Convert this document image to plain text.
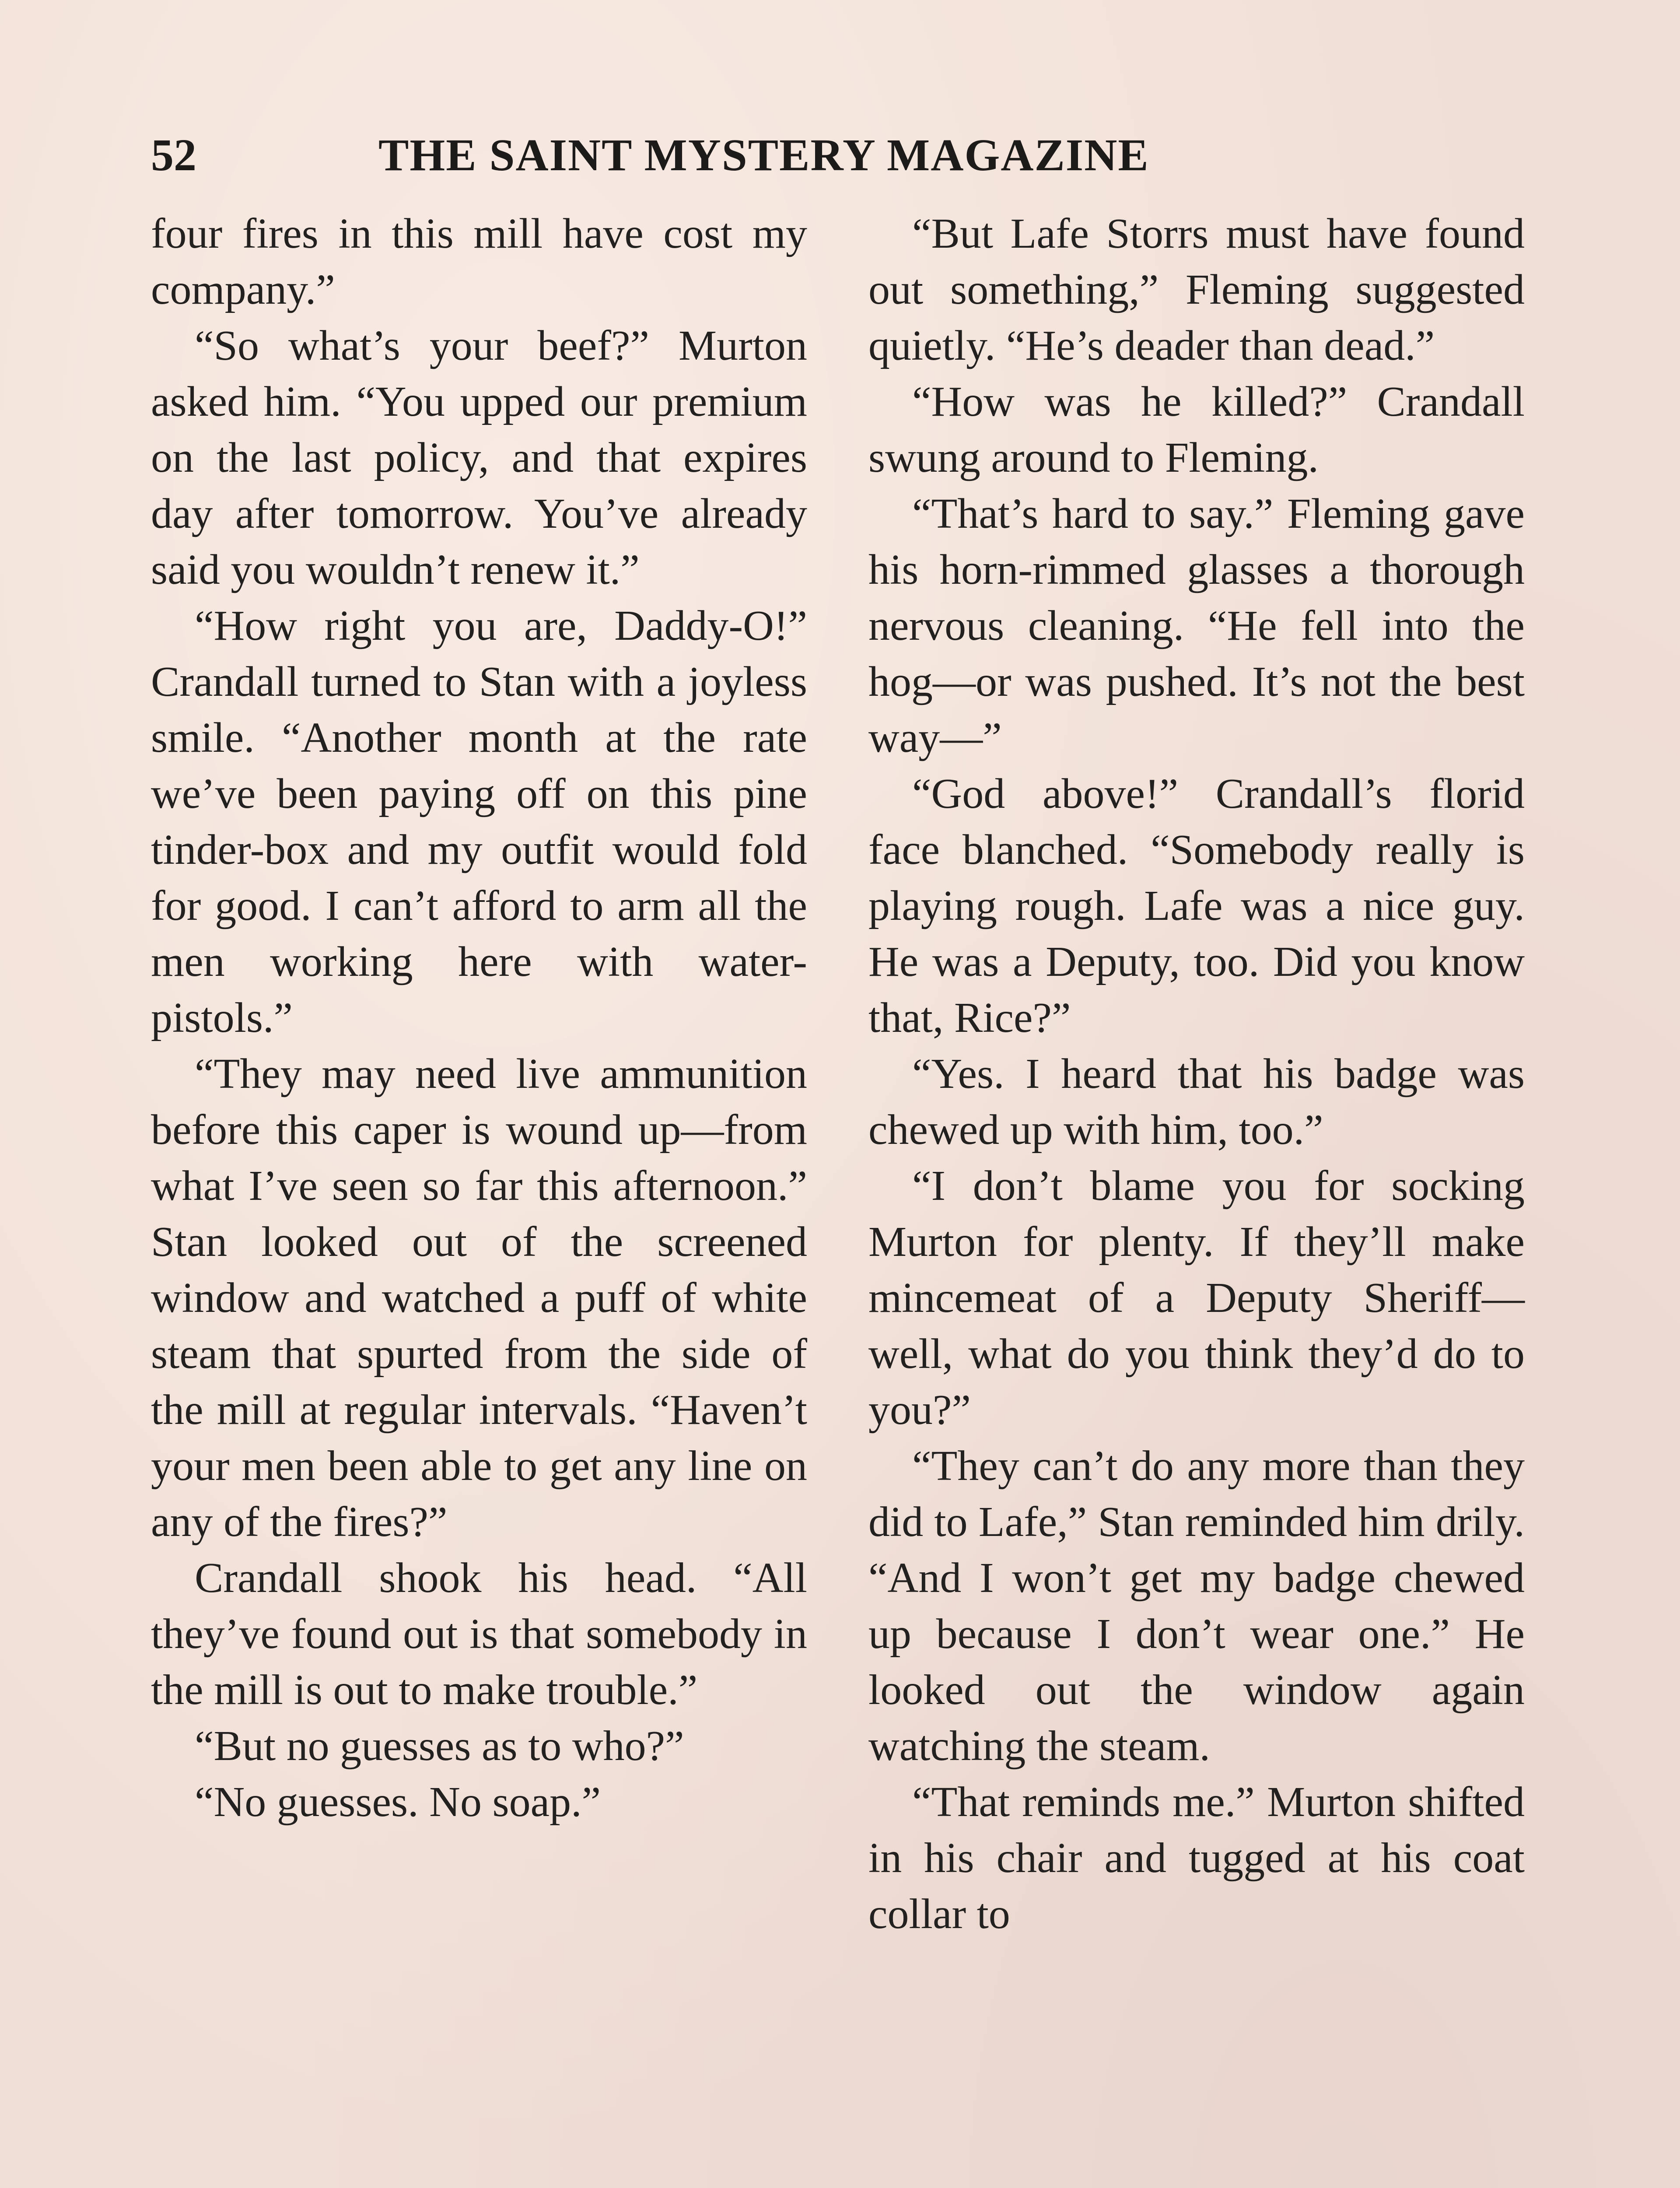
52	THE SAINT MYSTERY MAGAZINE

four fires in this mill have cost my company.”

“So what’s your beef?” Murton asked him. “You upped our premium on the last policy, and that expires day after tomorrow. You’ve already said you wouldn’t renew it.”

“How right you are, Daddy-O!” Crandall turned to Stan with a joyless smile. “Another month at the rate we’ve been paying off on this pine tinder-box and my outfit would fold for good. I can’t afford to arm all the men working here with water-pistols.”

“They may need live ammunition before this caper is wound up—from what I’ve seen so far this afternoon.” Stan looked out of the screened window and watched a puff of white steam that spurted from the side of the mill at regular intervals. “Haven’t your men been able to get any line on any of the fires?”

Crandall shook his head. “All they’ve found out is that somebody in the mill is out to make trouble.”

“But no guesses as to who?”

“No guesses. No soap.”

“But Lafe Storrs must have found out something,” Fleming suggested quietly. “He’s deader than dead.”

“How was he killed?” Crandall swung around to Fleming.

“That’s hard to say.” Fleming gave his horn-rimmed glasses a thorough nervous cleaning. “He fell into the hog—or was pushed. It’s not the best way—”

“God above!” Crandall’s florid face blanched. “Somebody really is playing rough. Lafe was a nice guy. He was a Deputy, too. Did you know that, Rice?”

“Yes. I heard that his badge was chewed up with him, too.”

“I don’t blame you for socking Murton for plenty. If they’ll make mincemeat of a Deputy Sheriff—well, what do you think they’d do to you?”

“They can’t do any more than they did to Lafe,” Stan reminded him drily. “And I won’t get my badge chewed up because I don’t wear one.” He looked out the window again watching the steam.

“That reminds me.” Murton shifted in his chair and tugged at his coat collar to
